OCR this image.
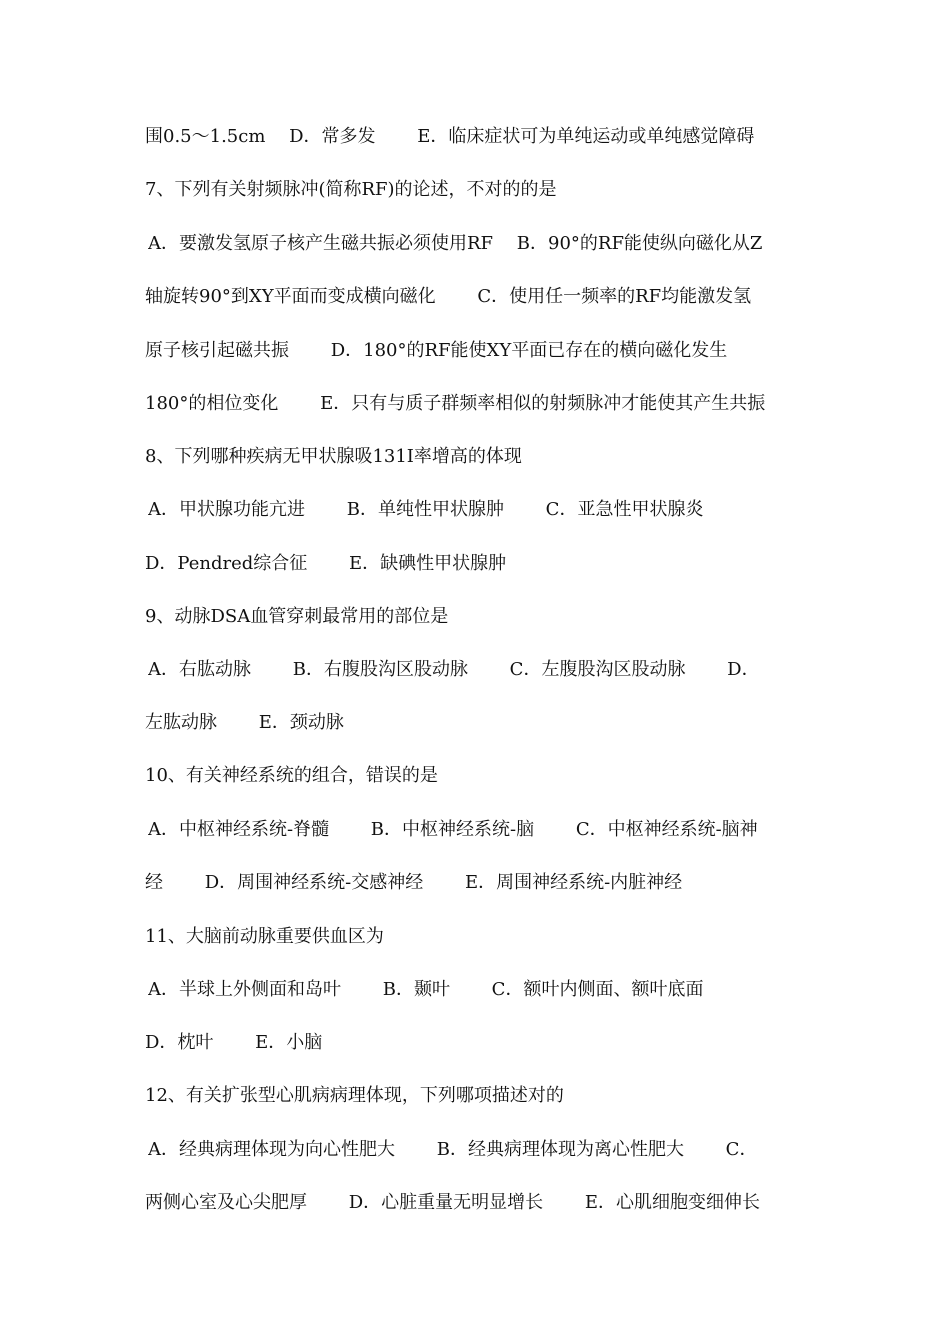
围0.5～1.5cm　 D．常多发　　 E．临床症状可为单纯运动或单纯感觉障碍
7、下列有关射频脉冲(简称RF)的论述，不对的的是
A．要激发氢原子核产生磁共振必须使用RF　 B．90°的RF能使纵向磁化从Z
轴旋转90°到XY平面而变成横向磁化　　 C．使用任一频率的RF均能激发氢
原子核引起磁共振　　 D．180°的RF能使XY平面已存在的横向磁化发生
180°的相位变化　　 E．只有与质子群频率相似的射频脉冲才能使其产生共振
8、下列哪种疾病无甲状腺吸131I率增高的体现
A．甲状腺功能亢进　　 B．单纯性甲状腺肿　　 C．亚急性甲状腺炎
D．Pendred综合征　　 E．缺碘性甲状腺肿
9、动脉DSA血管穿刺最常用的部位是
A．右肱动脉　　 B．右腹股沟区股动脉　　 C．左腹股沟区股动脉　　 D．
左肱动脉　　 E．颈动脉
10、有关神经系统的组合，错误的是
A．中枢神经系统-脊髓　　 B．中枢神经系统-脑　　 C．中枢神经系统-脑神
经　　 D．周围神经系统-交感神经　　 E．周围神经系统-内脏神经
11、大脑前动脉重要供血区为
A．半球上外侧面和岛叶　　 B．颞叶　　 C．额叶内侧面、额叶底面
D．枕叶　　 E．小脑
12、有关扩张型心肌病病理体现，下列哪项描述对的
A．经典病理体现为向心性肥大　　 B．经典病理体现为离心性肥大　　 C．
两侧心室及心尖肥厚　　 D．心脏重量无明显增长　　 E．心肌细胞变细伸长
